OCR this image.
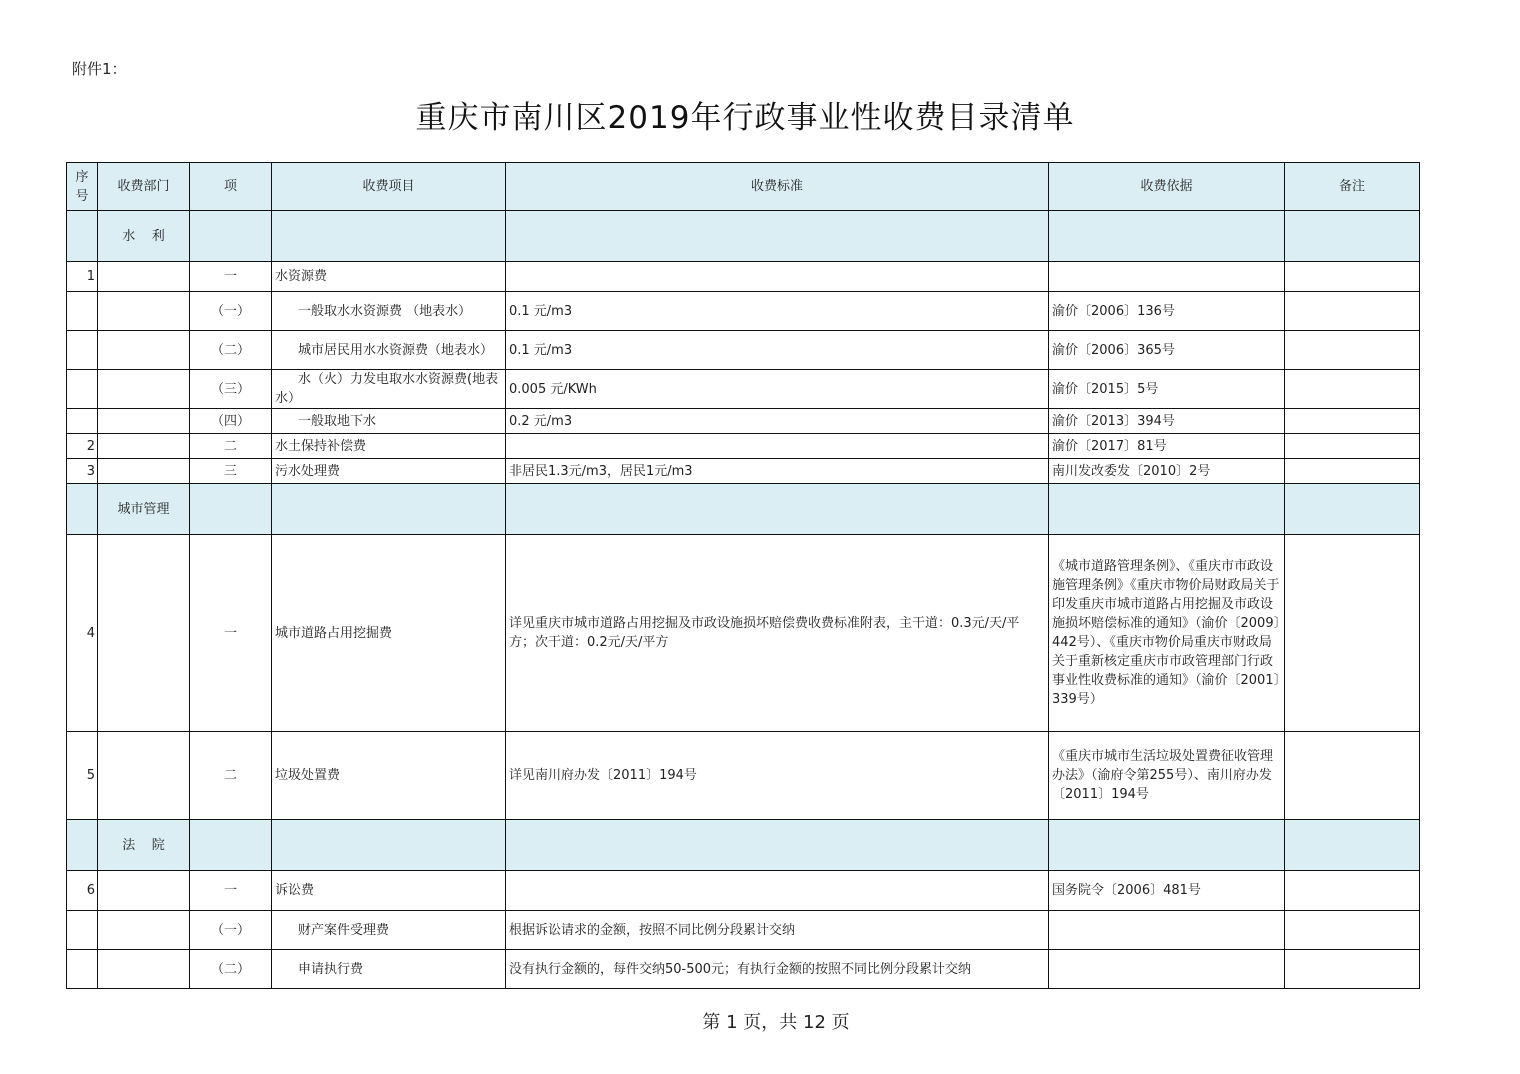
附件1：
重庆市南川区2019年行政事业性收费目录清单
序号	收费部门	项	收费项目	收费标准	收费依据	备注
	水    利					
1		一	水资源费			
		（一）	一般取水水资源费 （地表水）	0.1 元/m3	渝价〔2006〕136号	
		（二）	城市居民用水水资源费（地表水）	0.1 元/m3	渝价〔2006〕365号	
		（三）	水（火）力发电取水水资源费(地表水）	0.005 元/KWh	渝价〔2015〕5号	
		（四）	一般取地下水	0.2 元/m3	渝价〔2013〕394号	
2		二	水土保持补偿费		渝价〔2017〕81号	
3		三	污水处理费	非居民1.3元/m3，居民1元/m3	南川发改委发〔2010〕2号	
	城市管理					
4		一	城市道路占用挖掘费	详见重庆市城市道路占用挖掘及市政设施损坏赔偿费收费标准附表，主干道：0.3元/天/平方；次干道：0.2元/天/平方	《城市道路管理条例》、《重庆市市政设施管理条例》《重庆市物价局财政局关于印发重庆市城市道路占用挖掘及市政设施损坏赔偿标准的通知》（渝价〔2009〕442号）、《重庆市物价局重庆市财政局关于重新核定重庆市市政管理部门行政事业性收费标准的通知》（渝价〔2001〕339号）	
5		二	垃圾处置费	详见南川府办发〔2011〕194号	《重庆市城市生活垃圾处置费征收管理办法》（渝府令第255号）、南川府办发〔2011〕194号	
	法    院					
6		一	诉讼费		国务院令〔2006〕481号	
		（一）	财产案件受理费	根据诉讼请求的金额，按照不同比例分段累计交纳		
		（二）	申请执行费	没有执行金额的，每件交纳50-500元；有执行金额的按照不同比例分段累计交纳		
第 1 页，共 12 页
